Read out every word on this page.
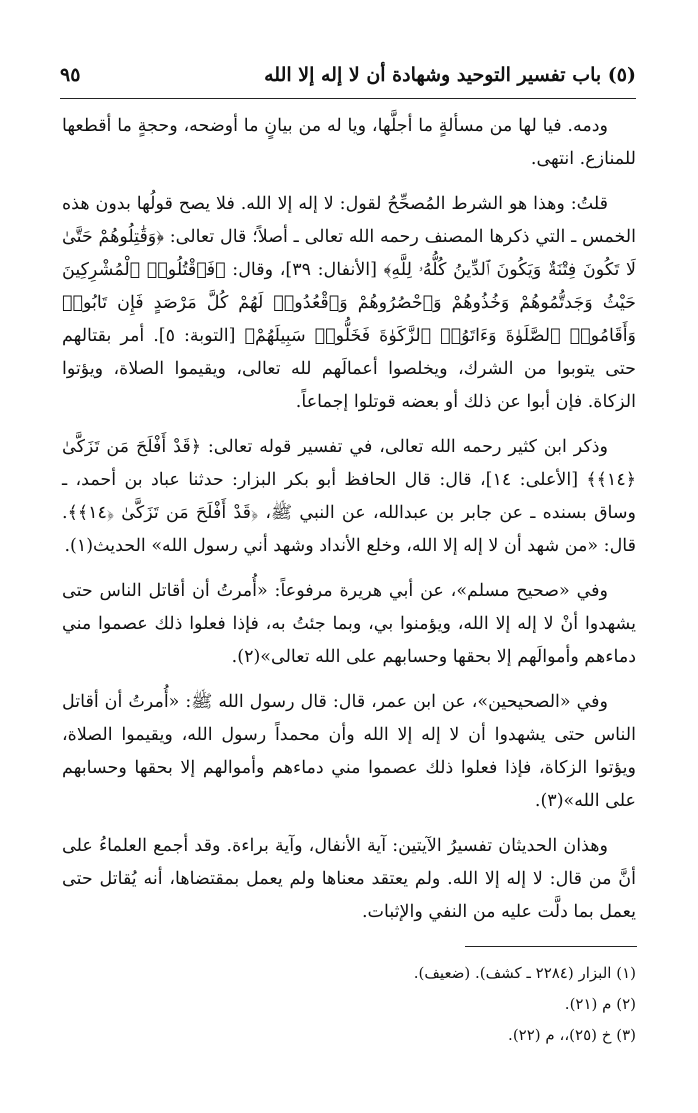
(٥) باب تفسير التوحيد وشهادة أن لا إله إلا الله
٩٥

ودمه. فيا لها من مسألةٍ ما أجلَّها، ويا له من بيانٍ ما أوضحه، وحجةٍ ما أقطعها للمنازع. انتهى.

قلتُ: وهذا هو الشرط المُصحِّحُ لقول: لا إله إلا الله. فلا يصح قولُها بدون هذه الخمس ـ التي ذكرها المصنف رحمه الله تعالى ـ أصلاً؛ قال تعالى: ﴿وَقَٰتِلُوهُمْ حَتَّىٰ لَا تَكُونَ فِتْنَةٌ وَيَكُونَ ٱلدِّينُ كُلُّهُۥ لِلَّهِ﴾ [الأنفال: ٣٩]، وقال: ﴿فَٱقْتُلُوا۟ ٱلْمُشْرِكِينَ حَيْثُ وَجَدتُّمُوهُمْ وَخُذُوهُمْ وَٱحْصُرُوهُمْ وَٱقْعُدُوا۟ لَهُمْ كُلَّ مَرْصَدٍ فَإِن تَابُوا۟ وَأَقَامُوا۟ ٱلصَّلَوٰةَ وَءَاتَوُا۟ ٱلزَّكَوٰةَ فَخَلُّوا۟ سَبِيلَهُمْ﴾ [التوبة: ٥]. أمر بقتالهم حتى يتوبوا من الشرك، ويخلصوا أعمالَهم لله تعالى، ويقيموا الصلاة، ويؤتوا الزكاة. فإن أبوا عن ذلك أو بعضه قوتلوا إجماعاً.

وذكر ابن كثير رحمه الله تعالى، في تفسير قوله تعالى: ﴿قَدْ أَفْلَحَ مَن تَزَكَّىٰ ﴿١٤﴾﴾ [الأعلى: ١٤]، قال: قال الحافظ أبو بكر البزار: حدثنا عباد بن أحمد، ـ وساق بسنده ـ عن جابر بن عبدالله، عن النبي ﷺ، ﴿قَدْ أَفْلَحَ مَن تَزَكَّىٰ ﴿١٤﴾﴾. قال: «من شهد أن لا إله إلا الله، وخلع الأنداد وشهد أني رسول الله» الحديث(١).

وفي «صحيح مسلم»، عن أبي هريرة مرفوعاً: «أُمرتُ أن أقاتل الناس حتى يشهدوا أنْ لا إله إلا الله، ويؤمنوا بي، وبما جئتُ به، فإذا فعلوا ذلك عصموا مني دماءهم وأموالَهم إلا بحقها وحسابهم على الله تعالى»(٢).

وفي «الصحيحين»، عن ابن عمر، قال: قال رسول الله ﷺ: «أُمرتُ أن أقاتل الناس حتى يشهدوا أن لا إله إلا الله وأن محمداً رسول الله، ويقيموا الصلاة، ويؤتوا الزكاة، فإذا فعلوا ذلك عصموا مني دماءهم وأموالهم إلا بحقها وحسابهم على الله»(٣).

وهذان الحديثان تفسيرُ الآيتين: آية الأنفال، وآية براءة. وقد أجمع العلماءُ على أنَّ من قال: لا إله إلا الله. ولم يعتقد معناها ولم يعمل بمقتضاها، أنه يُقاتل حتى يعمل بما دلَّت عليه من النفي والإثبات.

(١) البزار (٢٢٨٤ ـ كشف). (ضعيف).
(٢) م (٢١).
(٣) خ (٢٥)،، م (٢٢).
